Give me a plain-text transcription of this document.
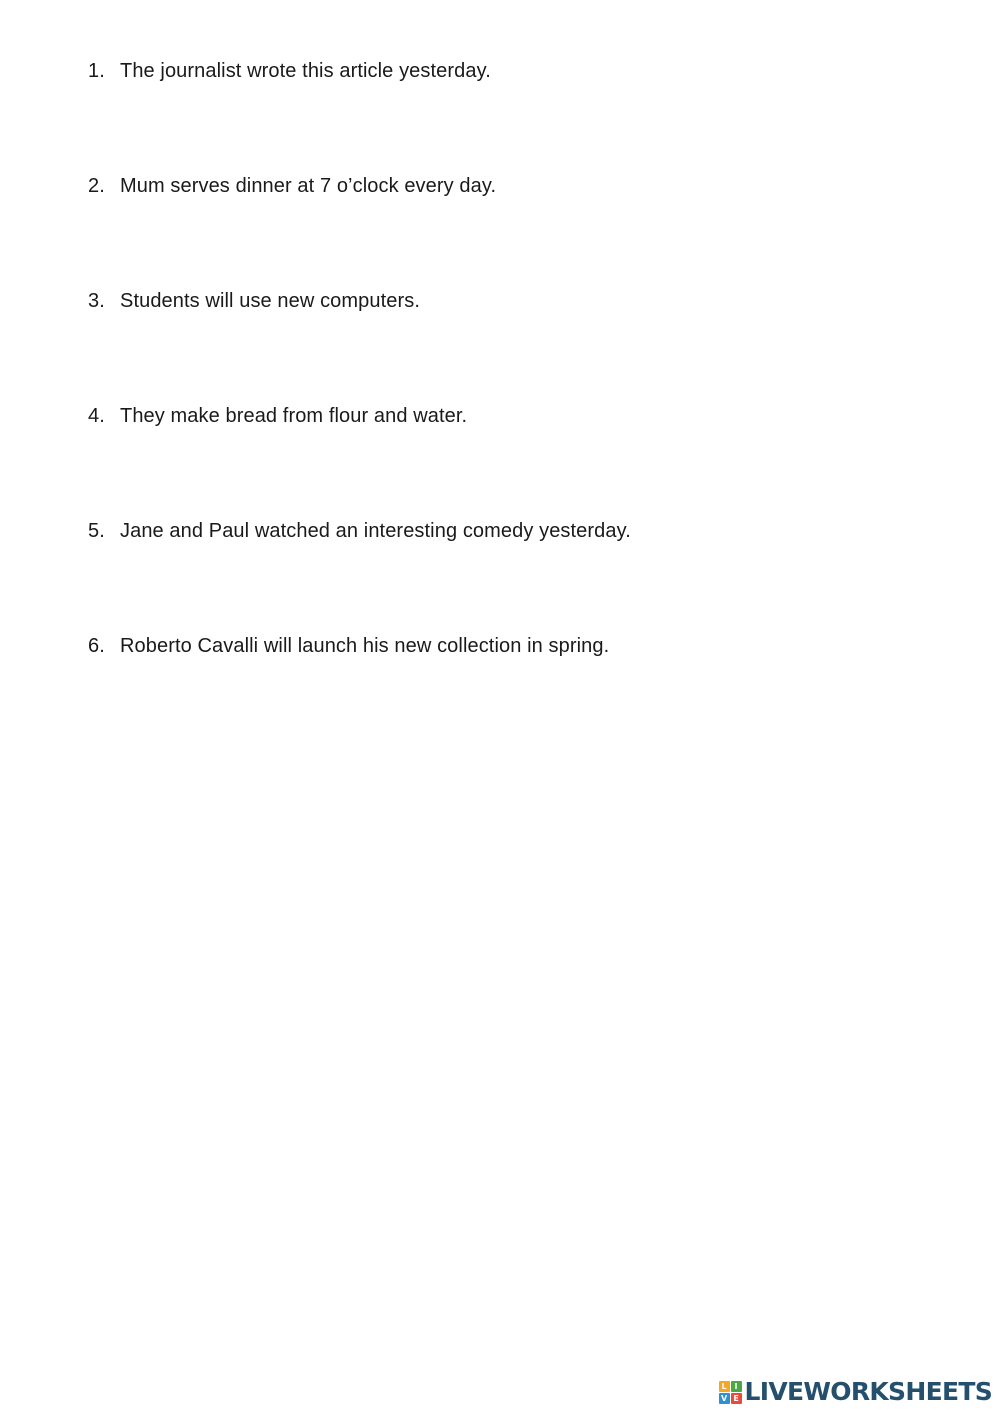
1. The journalist wrote this article yesterday.
2. Mum serves dinner at 7 o’clock every day.
3. Students will use new computers.
4. They make bread from flour and water.
5. Jane and Paul watched an interesting comedy yesterday.
6. Roberto Cavalli will launch his new collection in spring.
L I
V E LIVEWORKSHEETS
